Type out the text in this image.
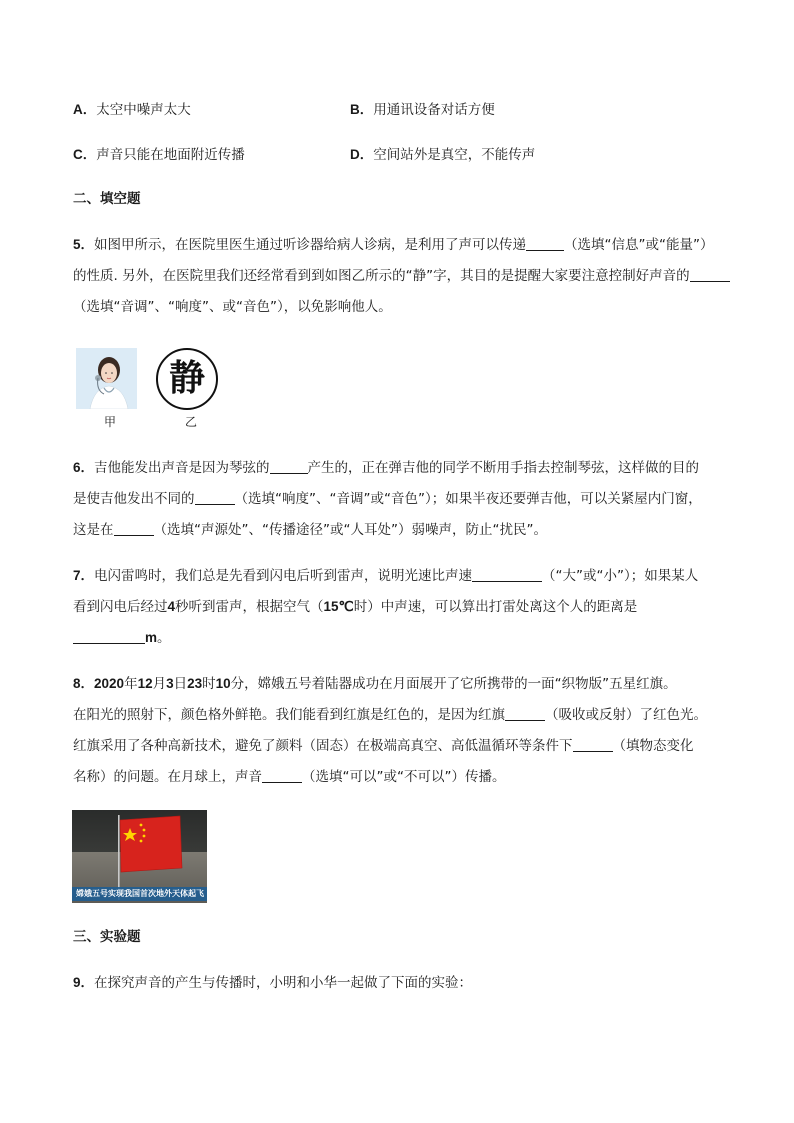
A．太空中噪声太大	B．用通讯设备对话方便
C．声音只能在地面附近传播	D．空间站外是真空，不能传声
二、填空题
5．如图甲所示，在医院里医生通过听诊器给病人诊病，是利用了声可以传递	（选填“信息”或“能量”）
的性质. 另外，在医院里我们还经常看到到如图乙所示的“静”字，其目的是提醒大家要注意控制好声音的
（选填“音调”、“响度”、或“音色”），以免影响他人。
甲
静
乙
6．吉他能发出声音是因为琴弦的	产生的，正在弹吉他的同学不断用手指去控制琴弦，这样做的目的
是使吉他发出不同的	（选填“响度”、“音调”或“音色”）；如果半夜还要弹吉他，可以关紧屋内门窗，
这是在	（选填“声源处”、“传播途径”或“人耳处”）弱噪声，防止“扰民”。
7．电闪雷鸣时，我们总是先看到闪电后听到雷声，说明光速比声速	（“大”或“小”）；如果某人
看到闪电后经过4秒听到雷声，根据空气（15℃时）中声速，可以算出打雷处离这个人的距离是
m。
8．2020年12月3日23时10分，嫦娥五号着陆器成功在月面展开了它所携带的一面“织物版”五星红旗。
在阳光的照射下，颜色格外鲜艳。我们能看到红旗是红色的，是因为红旗	（吸收或反射）了红色光。
红旗采用了各种高新技术，避免了颜料（固态）在极端高真空、高低温循环等条件下	（填物态变化
名称）的问题。在月球上，声音	（选填“可以”或“不可以”）传播。
嫦娥五号实现我国首次地外天体起飞
三、实验题
9．在探究声音的产生与传播时，小明和小华一起做了下面的实验：
